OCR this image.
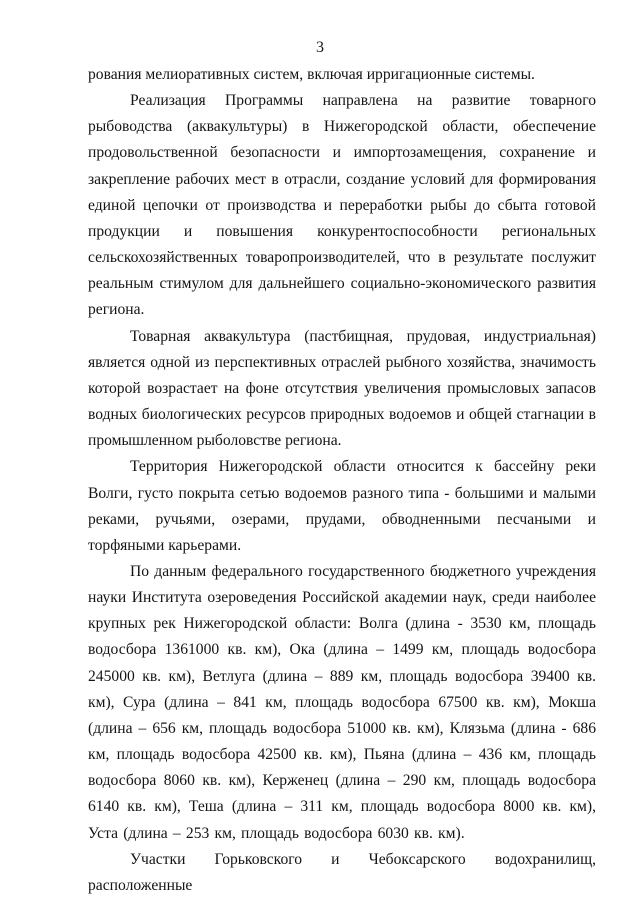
3

рования мелиоративных систем, включая ирригационные системы.

Реализация Программы направлена на развитие товарного рыбоводства (аквакультуры) в Нижегородской области, обеспечение продовольственной безопасности и импортозамещения, сохранение и закрепление рабочих мест в отрасли, создание условий для формирования единой цепочки от производства и переработки рыбы до сбыта готовой продукции и повышения конкурентоспособности региональных сельскохозяйственных товаропроизводителей, что в результате послужит реальным стимулом для дальнейшего социально-экономического развития региона.

Товарная аквакультура (пастбищная, прудовая, индустриальная) является одной из перспективных отраслей рыбного хозяйства, значимость которой возрастает на фоне отсутствия увеличения промысловых запасов водных биологических ресурсов природных водоемов и общей стагнации в промышленном рыболовстве региона.

Территория Нижегородской области относится к бассейну реки Волги, густо покрыта сетью водоемов разного типа - большими и малыми реками, ручьями, озерами, прудами, обводненными песчаными и торфяными карьерами.

По данным федерального государственного бюджетного учреждения науки Института озероведения Российской академии наук, среди наиболее крупных рек Нижегородской области: Волга (длина - 3530 км, площадь водосбора 1361000 кв. км), Ока (длина – 1499 км, площадь водосбора 245000 кв. км), Ветлуга (длина – 889 км, площадь водосбора 39400 кв. км), Сура (длина – 841 км, площадь водосбора 67500 кв. км), Мокша (длина – 656 км, площадь водосбора 51000 кв. км), Клязьма (длина - 686 км, площадь водосбора 42500 кв. км), Пьяна (длина – 436 км, площадь водосбора 8060 кв. км), Керженец (длина – 290 км, площадь водосбора 6140 кв. км), Теша (длина – 311 км, площадь водосбора 8000 кв. км), Уста (длина – 253 км, площадь водосбора 6030 кв. км).

Участки Горьковского и Чебоксарского водохранилищ, расположенные
